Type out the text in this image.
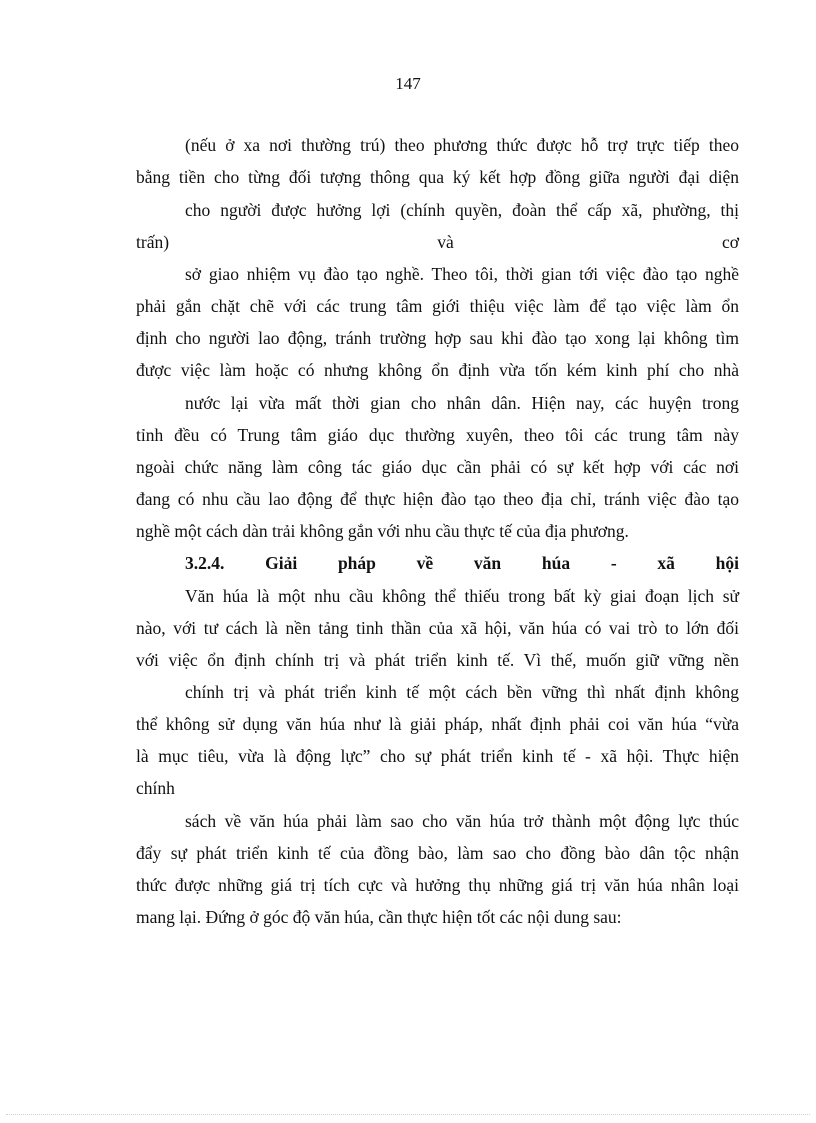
147
(nếu ở xa nơi thường trú) theo phương thức được hỗ trợ trực tiếp theo
bằng tiền cho từng đối tượng thông qua ký kết hợp đồng giữa người đại diện
cho người được hưởng lợi (chính quyền, đoàn thể cấp xã, phường, thị
trấn) và cơ
sở giao nhiệm vụ đào tạo nghề. Theo tôi, thời gian tới việc đào tạo nghề
phải gắn chặt chẽ với các trung tâm giới thiệu việc làm để tạo việc làm ổn
định cho người lao động, tránh trường hợp sau khi đào tạo xong lại không tìm
được việc làm hoặc có nhưng không ổn định vừa tốn kém kinh phí cho nhà
nước lại vừa mất thời gian cho nhân dân. Hiện nay, các huyện trong
tỉnh đều có Trung tâm giáo dục thường xuyên, theo tôi các trung tâm này
ngoài chức năng làm công tác giáo dục cần phải có sự kết hợp với các nơi
đang có nhu cầu lao động để thực hiện đào tạo theo địa chỉ, tránh việc đào tạo
nghề một cách dàn trải không gắn với nhu cầu thực tế của địa phương.
3.2.4. Giải pháp về văn húa - xã hội
Văn húa là một nhu cầu không thể thiếu trong bất kỳ giai đoạn lịch sử
nào, với tư cách là nền tảng tinh thần của xã hội, văn húa có vai trò to lớn đối
với việc ổn định chính trị và phát triển kinh tế. Vì thế, muốn giữ vững nền
chính trị và phát triển kinh tế một cách bền vững thì nhất định không
thể không sử dụng văn húa như là giải pháp, nhất định phải coi văn húa “vừa
là mục tiêu, vừa là động lực” cho sự phát triển kinh tế - xã hội. Thực hiện
chính
sách về văn húa phải làm sao cho văn húa trở thành một động lực thúc
đẩy sự phát triển kinh tế của đồng bào, làm sao cho đồng bào dân tộc nhận
thức được những giá trị tích cực và hưởng thụ những giá trị văn húa nhân loại
mang lại. Đứng ở góc độ văn húa, cần thực hiện tốt các nội dung sau:
